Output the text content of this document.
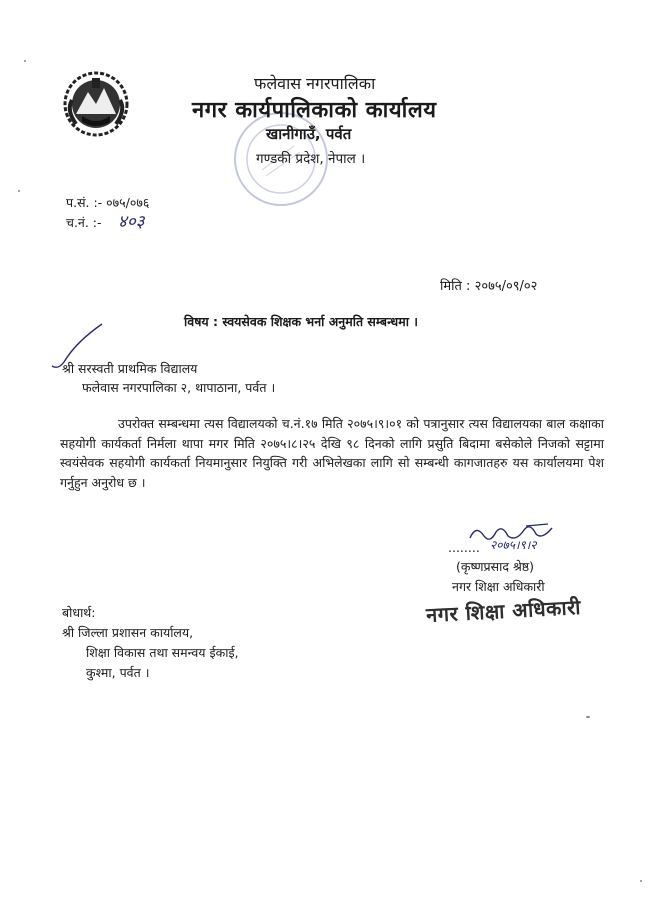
फलेवास नगरपालिका
नगर कार्यपालिकाको कार्यालय
खानीगाउँ, पर्वत
गण्डकी प्रदेश, नेपाल ।
प.सं. :- ०७५/०७६
च.नं. :- ४०३
मिति : २०७५/०९/०२
विषय : स्वयसेवक शिक्षक भर्ना अनुमति सम्बन्धमा ।
श्री सरस्वती प्राथमिक विद्यालय
फलेवास नगरपालिका २, थापाठाना, पर्वत ।
उपरोक्त सम्बन्धमा त्यस विद्यालयको च.नं.१७ मिति २०७५।९।०१ को पत्रानुसार त्यस विद्यालयका बाल कक्षाका सहयोगी कार्यकर्ता निर्मला थापा मगर मिति २०७५।८।२५ देखि ९८ दिनको लागि प्रसुति बिदामा बसेकोले निजको सट्टामा स्वयंसेवक सहयोगी कार्यकर्ता नियमानुसार नियुक्ति गरी अभिलेखका लागि सो सम्बन्धी कागजातहरु यस कार्यालयमा पेश गर्नुहुन अनुरोध छ ।
........ २०७५।९।२
(कृष्णप्रसाद श्रेष्ठ)
नगर शिक्षा अधिकारी
नगर शिक्षा अधिकारी
बोधार्थ:
श्री जिल्ला प्रशासन कार्यालय,
शिक्षा विकास तथा समन्वय ईकाई,
कुश्मा, पर्वत ।
